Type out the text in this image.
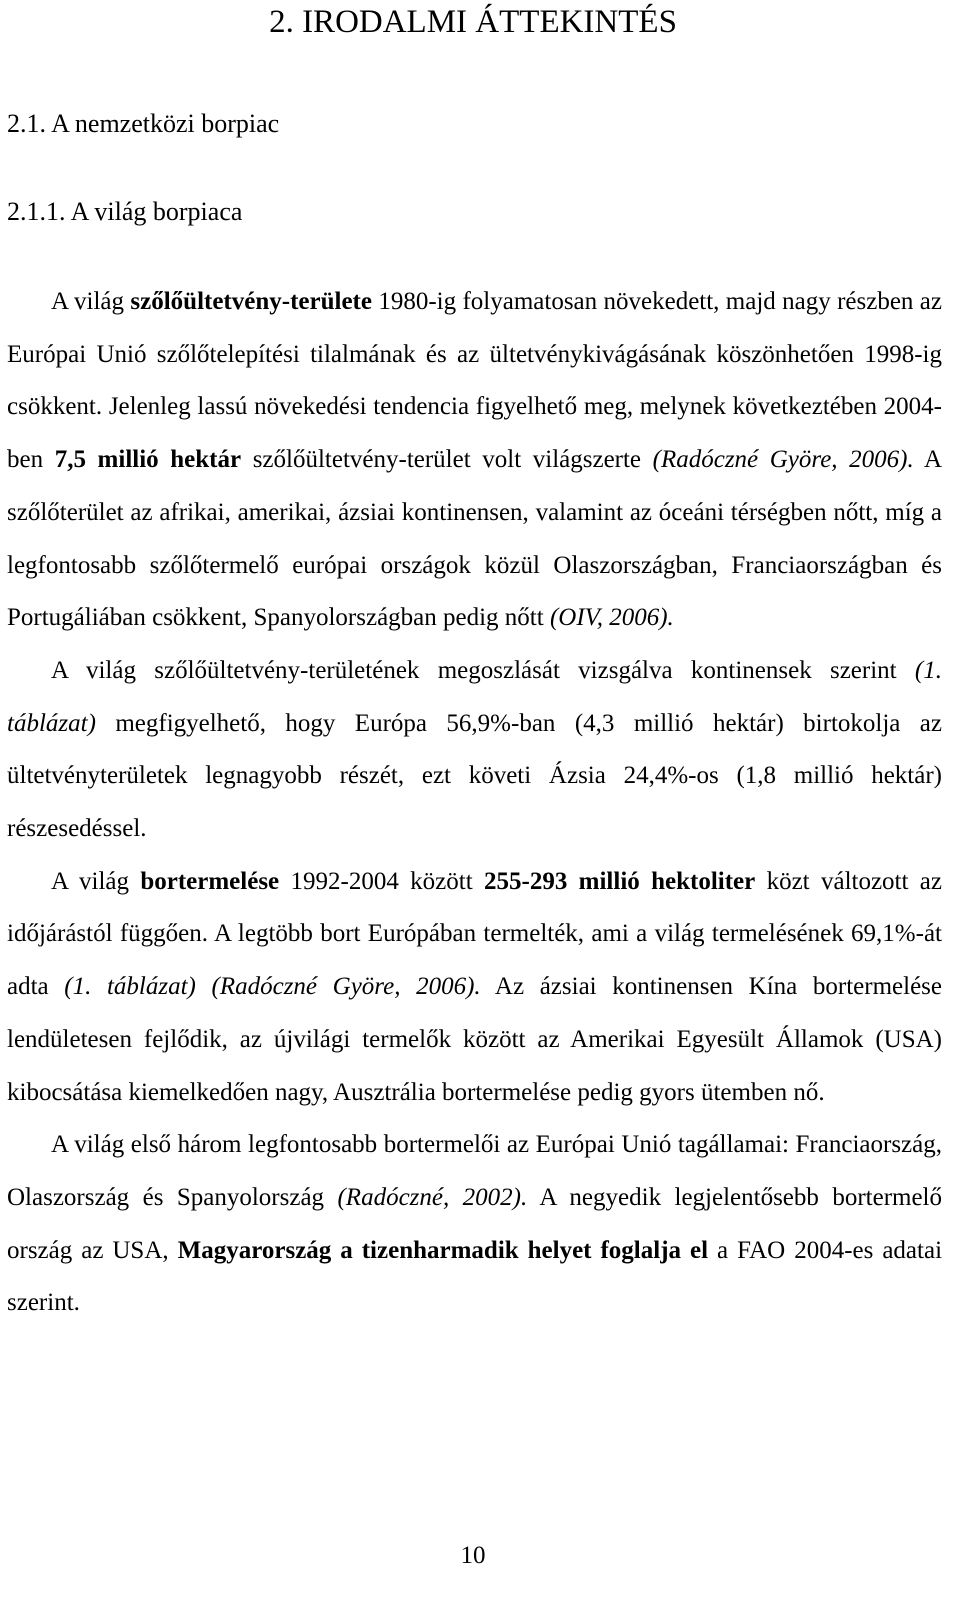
2. IRODALMI ÁTTEKINTÉS
2.1. A nemzetközi borpiac
2.1.1. A világ borpiaca

A világ szőlőültetvény-területe 1980-ig folyamatosan növekedett, majd nagy részben az Európai Unió szőlőtelepítési tilalmának és az ültetvénykivágásának köszönhetően 1998-ig csökkent. Jelenleg lassú növekedési tendencia figyelhető meg, melynek következtében 2004-ben 7,5 millió hektár szőlőültetvény-terület volt világszerte (Radóczné Györe, 2006). A szőlőterület az afrikai, amerikai, ázsiai kontinensen, valamint az óceáni térségben nőtt, míg a legfontosabb szőlőtermelő európai országok közül Olaszországban, Franciaországban és Portugáliában csökkent, Spanyolországban pedig nőtt (OIV, 2006).

A világ szőlőültetvény-területének megoszlását vizsgálva kontinensek szerint (1. táblázat) megfigyelhető, hogy Európa 56,9%-ban (4,3 millió hektár) birtokolja az ültetvényterületek legnagyobb részét, ezt követi Ázsia 24,4%-os (1,8 millió hektár) részesedéssel.

A világ bortermelése 1992-2004 között 255-293 millió hektoliter közt változott az időjárástól függően. A legtöbb bort Európában termelték, ami a világ termelésének 69,1%-át adta (1. táblázat) (Radóczné Györe, 2006). Az ázsiai kontinensen Kína bortermelése lendületesen fejlődik, az újvilági termelők között az Amerikai Egyesült Államok (USA) kibocsátása kiemelkedően nagy, Ausztrália bortermelése pedig gyors ütemben nő.

A világ első három legfontosabb bortermelői az Európai Unió tagállamai: Franciaország, Olaszország és Spanyolország (Radóczné, 2002). A negyedik legjelentősebb bortermelő ország az USA, Magyarország a tizenharmadik helyet foglalja el a FAO 2004-es adatai szerint.

10
